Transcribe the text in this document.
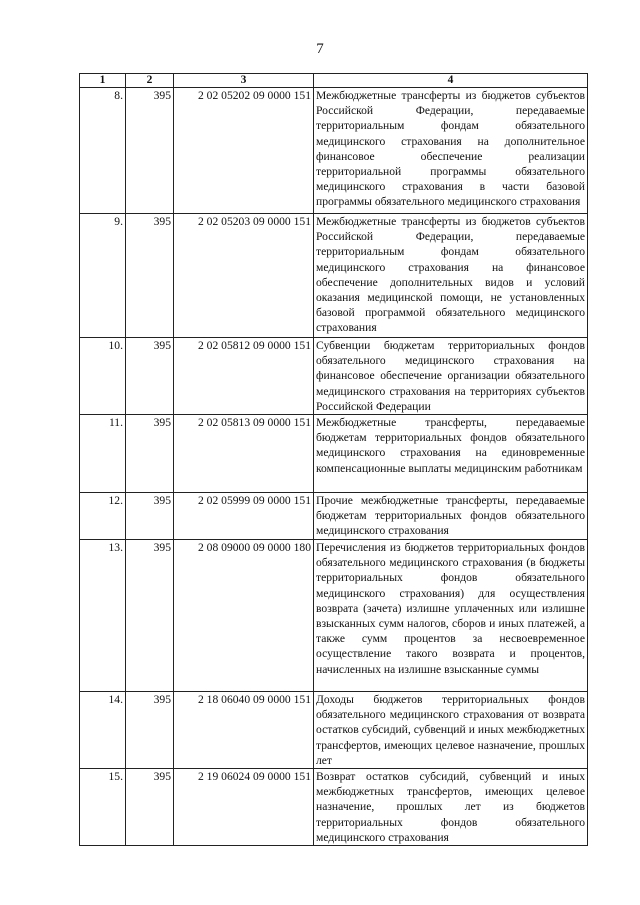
7
1	2	3	4
8.	395	2 02 05202 09 0000 151	Межбюджетные трансферты из бюджетов субъектов Российской Федерации, передаваемые территориальным фондам обязательного медицинского страхования на дополнительное финансовое обеспечение реализации территориальной программы обязательного медицинского страхования в части базовой программы обязательного медицинского страхования
9.	395	2 02 05203 09 0000 151	Межбюджетные трансферты из бюджетов субъектов Российской Федерации, передаваемые территориальным фондам обязательного медицинского страхования на финансовое обеспечение дополнительных видов и условий оказания медицинской помощи, не установленных базовой программой обязательного медицинского страхования
10.	395	2 02 05812 09 0000 151	Субвенции бюджетам территориальных фондов обязательного медицинского страхования на финансовое обеспечение организации обязательного медицинского страхования на территориях субъектов Российской Федерации
11.	395	2 02 05813 09 0000 151	Межбюджетные трансферты, передаваемые бюджетам территориальных фондов обязательного медицинского страхования на единовременные компенсационные выплаты медицинским работникам
12.	395	2 02 05999 09 0000 151	Прочие межбюджетные трансферты, передаваемые бюджетам территориальных фондов обязательного медицинского страхования
13.	395	2 08 09000 09 0000 180	Перечисления из бюджетов территориальных фондов обязательного медицинского страхования (в бюджеты территориальных фондов обязательного медицинского страхования) для осуществления возврата (зачета) излишне уплаченных или излишне взысканных сумм налогов, сборов и иных платежей, а также сумм процентов за несвоевременное осуществление такого возврата и процентов, начисленных на излишне взысканные суммы
14.	395	2 18 06040 09 0000 151	Доходы бюджетов территориальных фондов обязательного медицинского страхования от возврата остатков субсидий, субвенций и иных межбюджетных трансфертов, имеющих целевое назначение, прошлых лет
15.	395	2 19 06024 09 0000 151	Возврат остатков субсидий, субвенций и иных межбюджетных трансфертов, имеющих целевое назначение, прошлых лет из бюджетов территориальных фондов обязательного медицинского страхования
